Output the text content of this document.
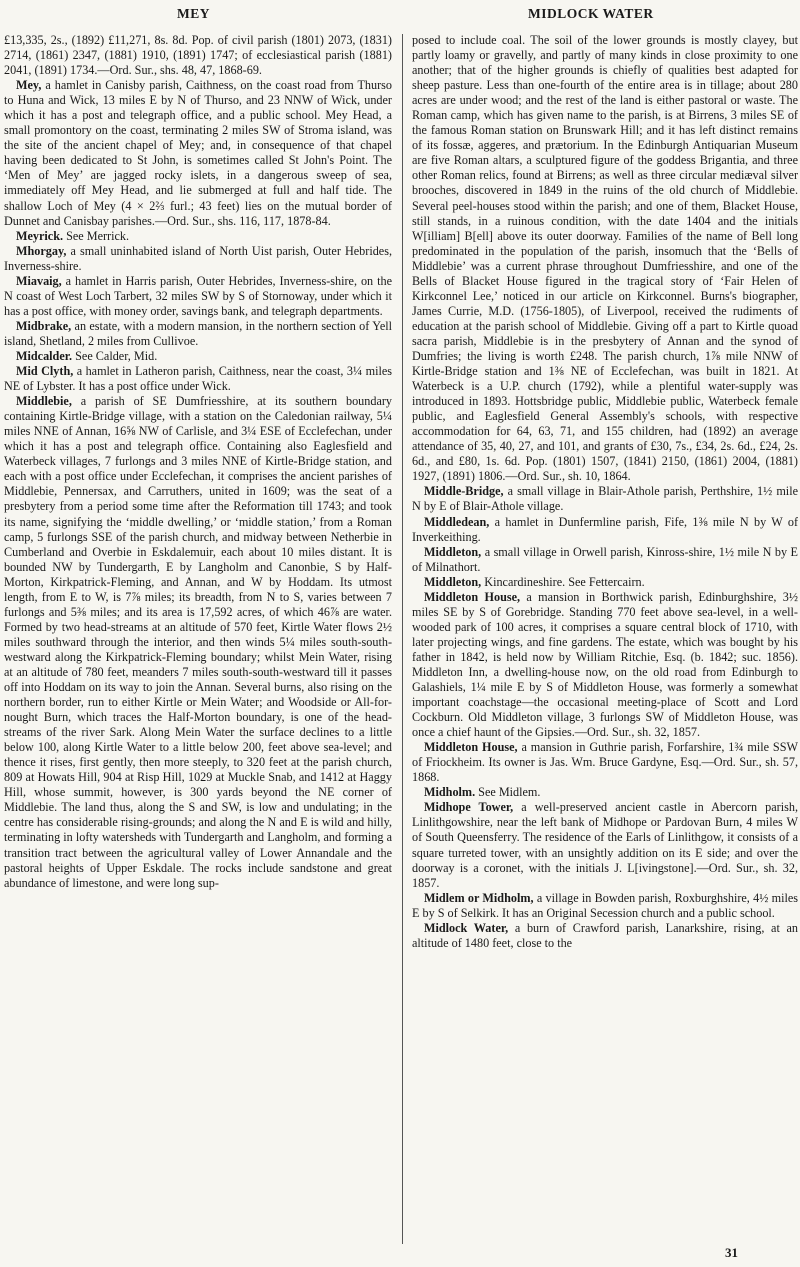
MEY	MIDLOCK WATER

£13,335, 2s., (1892) £11,271, 8s. 8d. Pop. of civil parish (1801) 2073, (1831) 2714, (1861) 2347, (1881) 1910, (1891) 1747; of ecclesiastical parish (1881) 2041, (1891) 1734.—Ord. Sur., shs. 48, 47, 1868-69.

Mey, a hamlet in Canisby parish, Caithness, on the coast road from Thurso to Huna and Wick, 13 miles E by N of Thurso, and 23 NNW of Wick, under which it has a post and telegraph office, and a public school. Mey Head, a small promontory on the coast, terminating 2 miles SW of Stroma island, was the site of the ancient chapel of Mey; and, in consequence of that chapel having been dedicated to St John, is sometimes called St John's Point. The ‘Men of Mey’ are jagged rocky islets, in a dangerous sweep of sea, immediately off Mey Head, and lie submerged at full and half tide. The shallow Loch of Mey (4 × 2⅔ furl.; 43 feet) lies on the mutual border of Dunnet and Canisbay parishes.—Ord. Sur., shs. 116, 117, 1878-84.

Meyrick. See Merrick.

Mhorgay, a small uninhabited island of North Uist parish, Outer Hebrides, Inverness-shire.

Miavaig, a hamlet in Harris parish, Outer Hebrides, Inverness-shire, on the N coast of West Loch Tarbert, 32 miles SW by S of Stornoway, under which it has a post office, with money order, savings bank, and telegraph departments.

Midbrake, an estate, with a modern mansion, in the northern section of Yell island, Shetland, 2 miles from Cullivoe.

Midcalder. See Calder, Mid.

Mid Clyth, a hamlet in Latheron parish, Caithness, near the coast, 3¼ miles NE of Lybster. It has a post office under Wick.

Middlebie, a parish of SE Dumfriesshire, at its southern boundary containing Kirtle-Bridge village, with a station on the Caledonian railway, 5¼ miles NNE of Annan, 16⅝ NW of Carlisle, and 3¼ ESE of Ecclefechan, under which it has a post and telegraph office. Containing also Eaglesfield and Waterbeck villages, 7 furlongs and 3 miles NNE of Kirtle-Bridge station, and each with a post office under Ecclefechan, it comprises the ancient parishes of Middlebie, Pennersax, and Carruthers, united in 1609; was the seat of a presbytery from a period some time after the Reformation till 1743; and took its name, signifying the ‘middle dwelling,’ or ‘middle station,’ from a Roman camp, 5 furlongs SSE of the parish church, and midway between Netherbie in Cumberland and Overbie in Eskdalemuir, each about 10 miles distant. It is bounded NW by Tundergarth, E by Langholm and Canonbie, S by Half-Morton, Kirkpatrick-Fleming, and Annan, and W by Hoddam. Its utmost length, from E to W, is 7⅞ miles; its breadth, from N to S, varies between 7 furlongs and 5⅜ miles; and its area is 17,592 acres, of which 46⅞ are water. Formed by two head-streams at an altitude of 570 feet, Kirtle Water flows 2½ miles southward through the interior, and then winds 5¼ miles south-south-westward along the Kirkpatrick-Fleming boundary; whilst Mein Water, rising at an altitude of 780 feet, meanders 7 miles south-south-westward till it passes off into Hoddam on its way to join the Annan. Several burns, also rising on the northern border, run to either Kirtle or Mein Water; and Woodside or All-for-nought Burn, which traces the Half-Morton boundary, is one of the head-streams of the river Sark. Along Mein Water the surface declines to a little below 100, along Kirtle Water to a little below 200, feet above sea-level; and thence it rises, first gently, then more steeply, to 320 feet at the parish church, 809 at Howats Hill, 904 at Risp Hill, 1029 at Muckle Snab, and 1412 at Haggy Hill, whose summit, however, is 300 yards beyond the NE corner of Middlebie. The land thus, along the S and SW, is low and undulating; in the centre has considerable rising-grounds; and along the N and E is wild and hilly, terminating in lofty watersheds with Tundergarth and Langholm, and forming a transition tract between the agricultural valley of Lower Annandale and the pastoral heights of Upper Eskdale. The rocks include sandstone and great abundance of limestone, and were long sup-

posed to include coal. The soil of the lower grounds is mostly clayey, but partly loamy or gravelly, and partly of many kinds in close proximity to one another; that of the higher grounds is chiefly of qualities best adapted for sheep pasture. Less than one-fourth of the entire area is in tillage; about 280 acres are under wood; and the rest of the land is either pastoral or waste. The Roman camp, which has given name to the parish, is at Birrens, 3 miles SE of the famous Roman station on Brunswark Hill; and it has left distinct remains of its fossæ, aggeres, and prætorium. In the Edinburgh Antiquarian Museum are five Roman altars, a sculptured figure of the goddess Brigantia, and three other Roman relics, found at Birrens; as well as three circular mediæval silver brooches, discovered in 1849 in the ruins of the old church of Middlebie. Several peel-houses stood within the parish; and one of them, Blacket House, still stands, in a ruinous condition, with the date 1404 and the initials W[illiam] B[ell] above its outer doorway. Families of the name of Bell long predominated in the population of the parish, insomuch that the ‘Bells of Middlebie’ was a current phrase throughout Dumfriesshire, and one of the Bells of Blacket House figured in the tragical story of ‘Fair Helen of Kirkconnel Lee,’ noticed in our article on Kirkconnel. Burns's biographer, James Currie, M.D. (1756-1805), of Liverpool, received the rudiments of education at the parish school of Middlebie. Giving off a part to Kirtle quoad sacra parish, Middlebie is in the presbytery of Annan and the synod of Dumfries; the living is worth £248. The parish church, 1⅞ mile NNW of Kirtle-Bridge station and 1⅜ NE of Ecclefechan, was built in 1821. At Waterbeck is a U.P. church (1792), while a plentiful water-supply was introduced in 1893. Hottsbridge public, Middlebie public, Waterbeck female public, and Eaglesfield General Assembly's schools, with respective accommodation for 64, 63, 71, and 155 children, had (1892) an average attendance of 35, 40, 27, and 101, and grants of £30, 7s., £34, 2s. 6d., £24, 2s. 6d., and £80, 1s. 6d. Pop. (1801) 1507, (1841) 2150, (1861) 2004, (1881) 1927, (1891) 1806.—Ord. Sur., sh. 10, 1864.

Middle-Bridge, a small village in Blair-Athole parish, Perthshire, 1½ mile N by E of Blair-Athole village.

Middledean, a hamlet in Dunfermline parish, Fife, 1⅜ mile N by W of Inverkeithing.

Middleton, a small village in Orwell parish, Kinross-shire, 1½ mile N by E of Milnathort.

Middleton, Kincardineshire. See Fettercairn.

Middleton House, a mansion in Borthwick parish, Edinburghshire, 3½ miles SE by S of Gorebridge. Standing 770 feet above sea-level, in a well-wooded park of 100 acres, it comprises a square central block of 1710, with later projecting wings, and fine gardens. The estate, which was bought by his father in 1842, is held now by William Ritchie, Esq. (b. 1842; suc. 1856). Middleton Inn, a dwelling-house now, on the old road from Edinburgh to Galashiels, 1¼ mile E by S of Middleton House, was formerly a somewhat important coachstage—the occasional meeting-place of Scott and Lord Cockburn. Old Middleton village, 3 furlongs SW of Middleton House, was once a chief haunt of the Gipsies.—Ord. Sur., sh. 32, 1857.

Middleton House, a mansion in Guthrie parish, Forfarshire, 1¾ mile SSW of Friockheim. Its owner is Jas. Wm. Bruce Gardyne, Esq.—Ord. Sur., sh. 57, 1868.

Midholm. See Midlem.

Midhope Tower, a well-preserved ancient castle in Abercorn parish, Linlithgowshire, near the left bank of Midhope or Pardovan Burn, 4 miles W of South Queensferry. The residence of the Earls of Linlithgow, it consists of a square turreted tower, with an unsightly addition on its E side; and over the doorway is a coronet, with the initials J. L[ivingstone].—Ord. Sur., sh. 32, 1857.

Midlem or Midholm, a village in Bowden parish, Roxburghshire, 4½ miles E by S of Selkirk. It has an Original Secession church and a public school.

Midlock Water, a burn of Crawford parish, Lanarkshire, rising, at an altitude of 1480 feet, close to the

31
